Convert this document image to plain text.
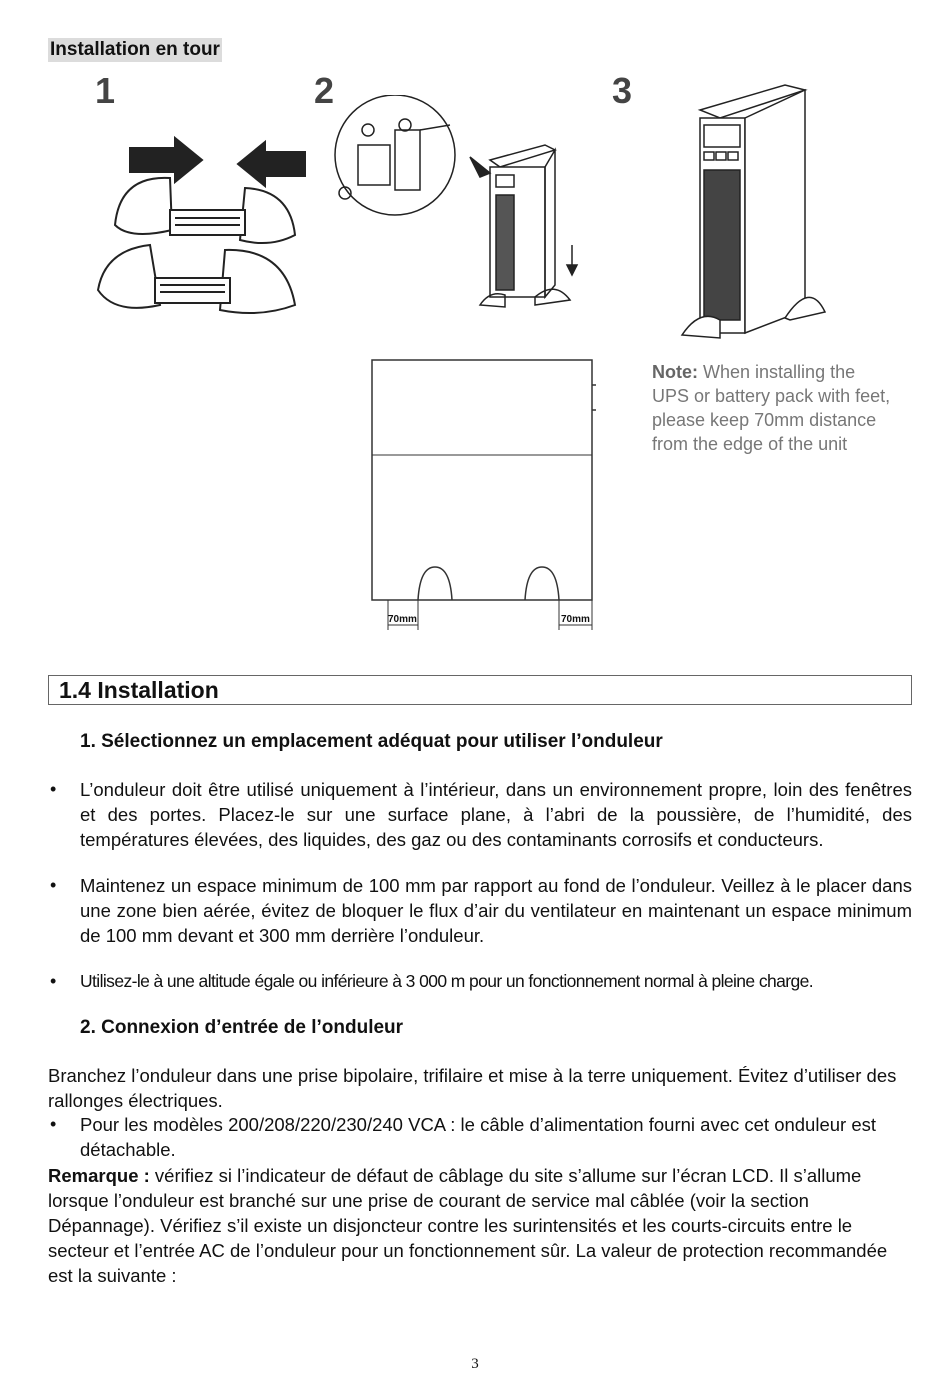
Installation en tour
1	2	3
Note: When installing the
UPS or battery pack with feet,
please keep 70mm distance
from the edge of the unit
70mm	70mm
1.4 Installation
1. Sélectionnez un emplacement adéquat pour utiliser l’onduleur
• L’onduleur doit être utilisé uniquement à l’intérieur, dans un environnement propre, loin des fenêtres et des portes. Placez-le sur une surface plane, à l’abri de la poussière, de l’humidité, des températures élevées, des liquides, des gaz ou des contaminants corrosifs et conducteurs.
• Maintenez un espace minimum de 100 mm par rapport au fond de l’onduleur. Veillez à le placer dans une zone bien aérée, évitez de bloquer le flux d’air du ventilateur en maintenant un espace minimum de 100 mm devant et 300 mm derrière l’onduleur.
• Utilisez-le à une altitude égale ou inférieure à 3 000 m pour un fonctionnement normal à pleine charge.
2. Connexion d’entrée de l’onduleur
Branchez l’onduleur dans une prise bipolaire, trifilaire et mise à la terre uniquement. Évitez d’utiliser des rallonges électriques.
• Pour les modèles 200/208/220/230/240 VCA : le câble d’alimentation fourni avec cet onduleur est détachable.
Remarque : vérifiez si l’indicateur de défaut de câblage du site s’allume sur l’écran LCD. Il s’allume lorsque l’onduleur est branché sur une prise de courant de service mal câblée (voir la section Dépannage). Vérifiez s’il existe un disjoncteur contre les surintensités et les courts-circuits entre le secteur et l’entrée AC de l’onduleur pour un fonctionnement sûr. La valeur de protection recommandée est la suivante :
3
